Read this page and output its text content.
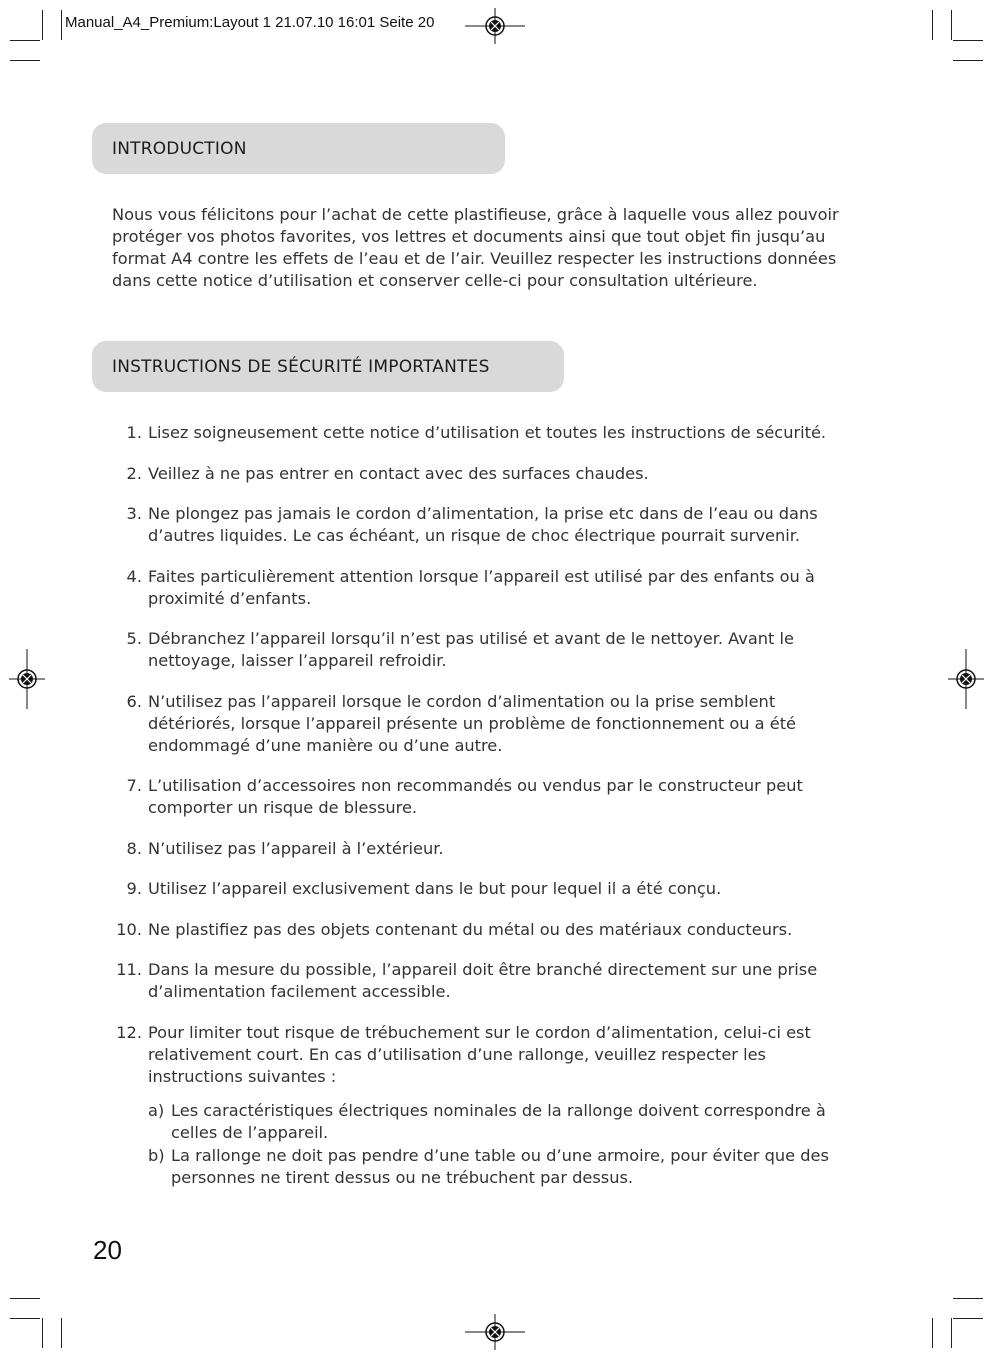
Manual_A4_Premium:Layout 1 21.07.10 16:01 Seite 20
INTRODUCTION

Nous vous félicitons pour l’achat de cette plastifieuse, grâce à laquelle vous allez pouvoir protéger vos photos favorites, vos lettres et documents ainsi que tout objet fin jusqu’au format A4 contre les effets de l’eau et de l’air. Veuillez respecter les instructions données dans cette notice d’utilisation et conserver celle-ci pour consultation ultérieure.

INSTRUCTIONS DE SÉCURITÉ IMPORTANTES
1. Lisez soigneusement cette notice d’utilisation et toutes les instructions de sécurité.
2. Veillez à ne pas entrer en contact avec des surfaces chaudes.
3. Ne plongez pas jamais le cordon d’alimentation, la prise etc dans de l’eau ou dans d’autres liquides. Le cas échéant, un risque de choc électrique pourrait survenir.
4. Faites particulièrement attention lorsque l’appareil est utilisé par des enfants ou à proximité d’enfants.
5. Débranchez l’appareil lorsqu’il n’est pas utilisé et avant de le nettoyer. Avant le nettoyage, laisser l’appareil refroidir.
6. N’utilisez pas l’appareil lorsque le cordon d’alimentation ou la prise semblent détériorés, lorsque l’appareil présente un problème de fonctionnement ou a été endommagé d’une manière ou d’une autre.
7. L’utilisation d’accessoires non recommandés ou vendus par le constructeur peut comporter un risque de blessure.
8. N’utilisez pas l’appareil à l’extérieur.
9. Utilisez l’appareil exclusivement dans le but pour lequel il a été conçu.
10. Ne plastifiez pas des objets contenant du métal ou des matériaux conducteurs.
11. Dans la mesure du possible, l’appareil doit être branché directement sur une prise d’alimentation facilement accessible.
12. Pour limiter tout risque de trébuchement sur le cordon d’alimentation, celui-ci est relativement court. En cas d’utilisation d’une rallonge, veuillez respecter les instructions suivantes :
a) Les caractéristiques électriques nominales de la rallonge doivent correspondre à celles de l’appareil.
b) La rallonge ne doit pas pendre d’une table ou d’une armoire, pour éviter que des personnes ne tirent dessus ou ne trébuchent par dessus.
20
